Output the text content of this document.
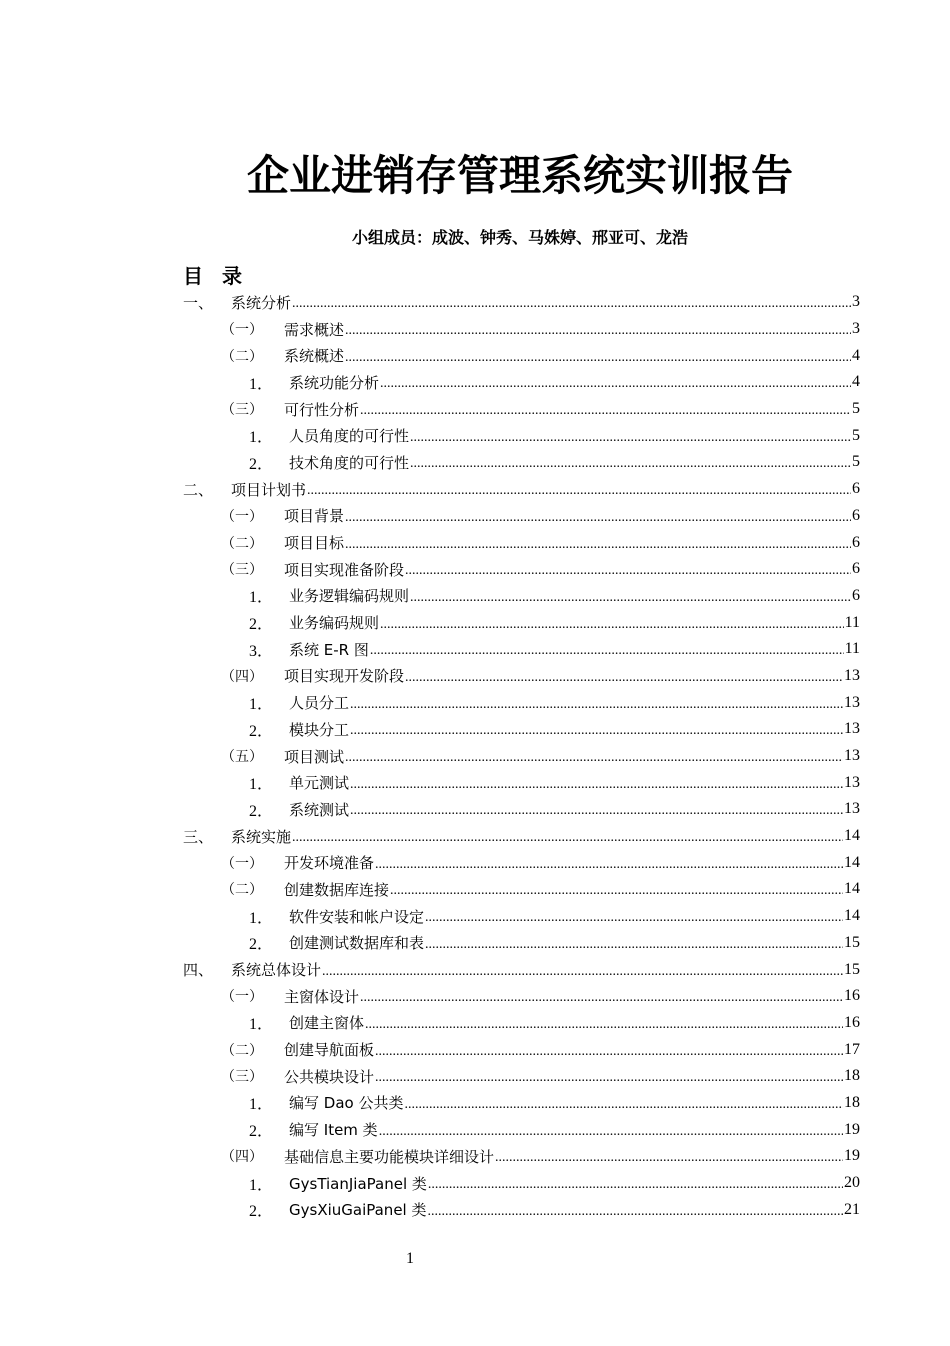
企业进销存管理系统实训报告
小组成员：成波、钟秀、马姝婷、邢亚可、龙浩
目 录
一、	系统分析 .....	3
（一）	需求概述 .....	3
（二）	系统概述 .....	4
1．	系统功能分析 .....	4
（三）	可行性分析 .....	5
1．	人员角度的可行性 .....	5
2．	技术角度的可行性 .....	5
二、	项目计划书 .....	6
（一）	项目背景 .....	6
（二）	项目目标 .....	6
（三）	项目实现准备阶段 .....	6
1．	业务逻辑编码规则 .....	6
2．	业务编码规则 .....	11
3．	系统 E-R 图 .....	11
（四）	项目实现开发阶段 .....	13
1．	人员分工 .....	13
2．	模块分工 .....	13
（五）	项目测试 .....	13
1．	单元测试 .....	13
2．	系统测试 .....	13
三、	系统实施 .....	14
（一）	开发环境准备 .....	14
（二）	创建数据库连接 .....	14
1．	软件安装和帐户设定 .....	14
2．	创建测试数据库和表 .....	15
四、	系统总体设计 .....	15
（一）	主窗体设计 .....	16
1．	创建主窗体 .....	16
（二）	创建导航面板 .....	17
（三）	公共模块设计 .....	18
1．	编写 Dao 公共类 .....	18
2．	编写 Item 类 .....	19
（四）	基础信息主要功能模块详细设计 .....	19
1．	GysTianJiaPanel 类 .....	20
2．	GysXiuGaiPanel 类 .....	21
1
